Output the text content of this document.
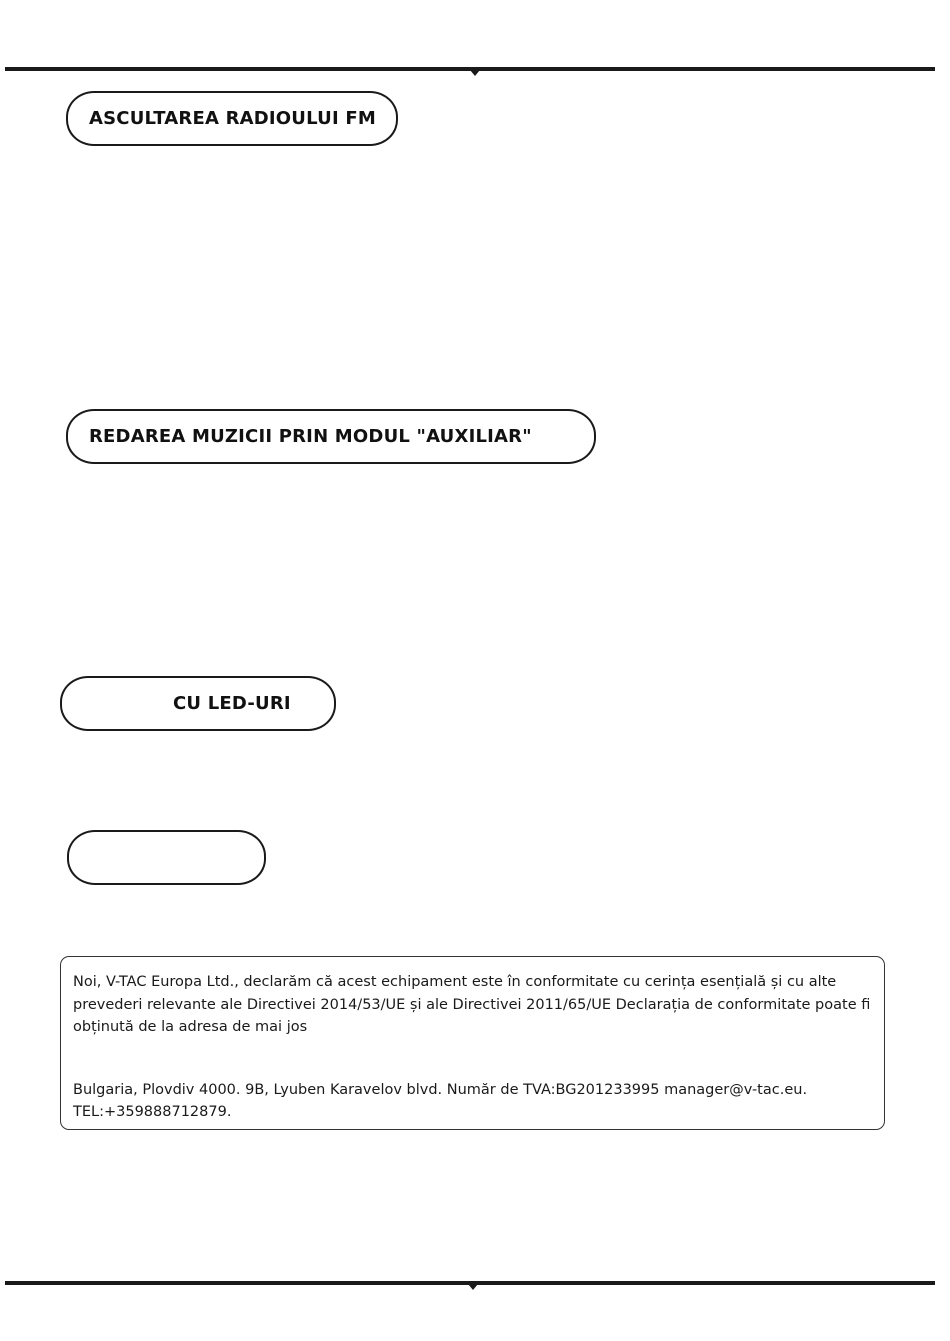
ASCULTAREA RADIOULUI FM
REDAREA MUZICII PRIN MODUL "AUXILIAR"
CU LED-URI

Noi, V-TAC Europa Ltd., declarăm că acest echipament este în conformitate cu cerința esențială și cu alte prevederi relevante ale Directivei 2014/53/UE și ale Directivei 2011/65/UE Declarația de conformitate poate fi obținută de la adresa de mai jos

Bulgaria, Plovdiv 4000. 9B, Lyuben Karavelov blvd. Număr de TVA:BG201233995 manager@v-tac.eu. TEL:+359888712879.
